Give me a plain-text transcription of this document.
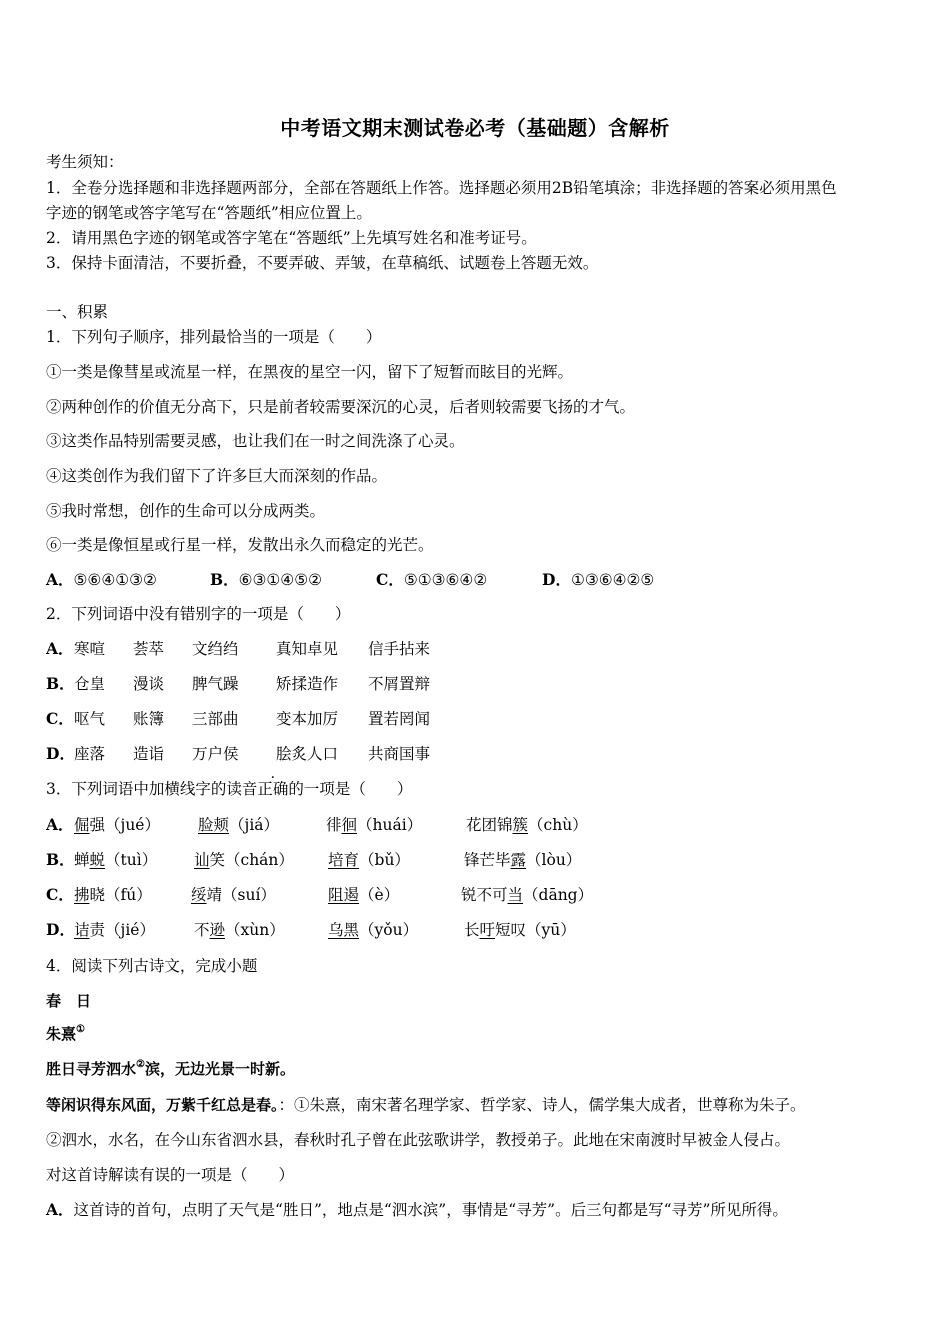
中考语文期末测试卷必考（基础题）含解析
考生须知：
1．全卷分选择题和非选择题两部分，全部在答题纸上作答。选择题必须用2B铅笔填涂；非选择题的答案必须用黑色
字迹的钢笔或答字笔写在“答题纸”相应位置上。
2．请用黑色字迹的钢笔或答字笔在“答题纸”上先填写姓名和准考证号。
3．保持卡面清洁，不要折叠，不要弄破、弄皱，在草稿纸、试题卷上答题无效。
一、积累
1．下列句子顺序，排列最恰当的一项是（　　）
①一类是像彗星或流星一样，在黑夜的星空一闪，留下了短暂而眩目的光辉。
②两种创作的价值无分高下，只是前者较需要深沉的心灵，后者则较需要飞扬的才气。
③这类作品特别需要灵感，也让我们在一时之间洗涤了心灵。
④这类创作为我们留下了许多巨大而深刻的作品。
⑤我时常想，创作的生命可以分成两类。
⑥一类是像恒星或行星一样，发散出永久而稳定的光芒。
A．⑤⑥④①③②	B．⑥③①④⑤②	C．⑤①③⑥④②	D．①③⑥④②⑤
2．下列词语中没有错别字的一项是（　　）
A． 寒喧 荟萃 文绉绉 真知卓见 信手拈来
B． 仓皇 漫谈 脾气躁 矫揉造作 不屑置辩
C． 呕气 账簿 三部曲 变本加厉 置若罔闻
D． 座落 造诣 万户侯 脍炙人口 共商国事
3．下列词语中加横线字的读音正确的一项是（　　）
A． 倔强（jué） 脸颊（jiá）	徘徊（huái）	花团锦簇（chù）
B． 蝉蜕（tuì） 讪笑（chán） 培育（bǔ）	锋芒毕露（lòu）
C． 拂晓（fú）	绥靖（suí）	阻遏（è）	锐不可当（dāng）
D． 诘责（jié）	不逊（xùn）	乌黑（yǒu）	长吁短叹（yū）
4．阅读下列古诗文，完成小题
春　日
朱熹①
胜日寻芳泗水②滨，无边光景一时新。
等闲识得东风面，万紫千红总是春。：①朱熹，南宋著名理学家、哲学家、诗人，儒学集大成者，世尊称为朱子。
②泗水，水名，在今山东省泗水县，春秋时孔子曾在此弦歌讲学，教授弟子。此地在宋南渡时早被金人侵占。
对这首诗解读有误的一项是（　　）
A．这首诗的首句，点明了天气是“胜日”，地点是“泗水滨”，事情是“寻芳”。后三句都是写“寻芳”所见所得。
